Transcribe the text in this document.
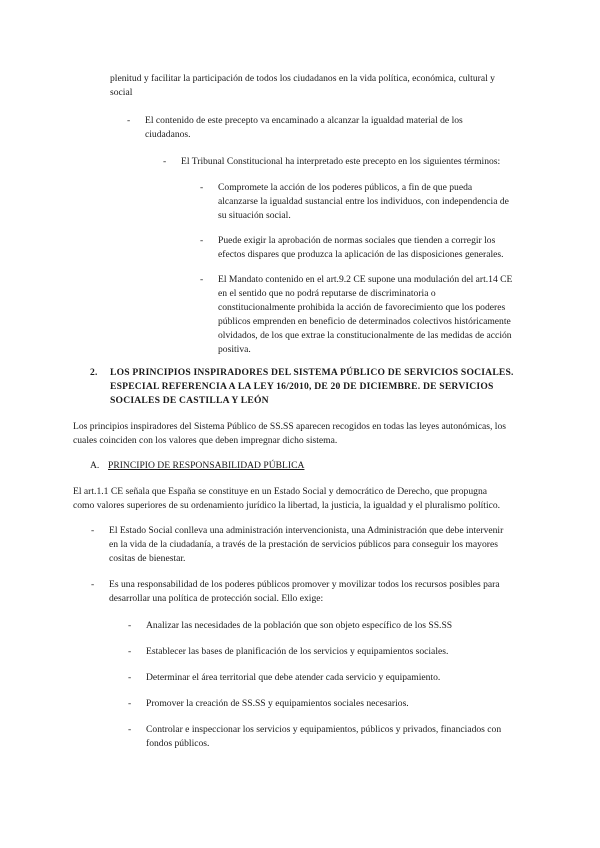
plenitud y facilitar la participación de todos los ciudadanos en la vida política, económica, cultural y
social
- El contenido de este precepto va encaminado a alcanzar la igualdad material de los
ciudadanos.
- El Tribunal Constitucional ha interpretado este precepto en los siguientes términos:
- Compromete la acción de los poderes públicos, a fin de que pueda
alcanzarse la igualdad sustancial entre los individuos, con independencia de
su situación social.
- Puede exigir la aprobación de normas sociales que tienden a corregir los
efectos dispares que produzca la aplicación de las disposiciones generales.
- El Mandato contenido en el art.9.2 CE supone una modulación del art.14 CE
en el sentido que no podrá reputarse de discriminatoria o
constitucionalmente prohibida la acción de favorecimiento que los poderes
públicos emprenden en beneficio de determinados colectivos históricamente
olvidados, de los que extrae la constitucionalmente de las medidas de acción
positiva.
2. LOS PRINCIPIOS INSPIRADORES DEL SISTEMA PÚBLICO DE SERVICIOS SOCIALES.
ESPECIAL REFERENCIA A LA LEY 16/2010, DE 20 DE DICIEMBRE. DE SERVICIOS
SOCIALES DE CASTILLA Y LEÓN
Los principios inspiradores del Sistema Público de SS.SS aparecen recogidos en todas las leyes autonómicas, los
cuales coinciden con los valores que deben impregnar dicho sistema.
A. PRINCIPIO DE RESPONSABILIDAD PÚBLICA
El art.1.1 CE señala que España se constituye en un Estado Social y democrático de Derecho, que propugna
como valores superiores de su ordenamiento jurídico la libertad, la justicia, la igualdad y el pluralismo político.
- El Estado Social conlleva una administración intervencionista, una Administración que debe intervenir
en la vida de la ciudadanía, a través de la prestación de servicios públicos para conseguir los mayores
cositas de bienestar.
- Es una responsabilidad de los poderes públicos promover y movilizar todos los recursos posibles para
desarrollar una política de protección social. Ello exige:
- Analizar las necesidades de la población que son objeto específico de los SS.SS
- Establecer las bases de planificación de los servicios y equipamientos sociales.
- Determinar el área territorial que debe atender cada servicio y equipamiento.
- Promover la creación de SS.SS y equipamientos sociales necesarios.
- Controlar e inspeccionar los servicios y equipamientos, públicos y privados, financiados con
fondos públicos.
